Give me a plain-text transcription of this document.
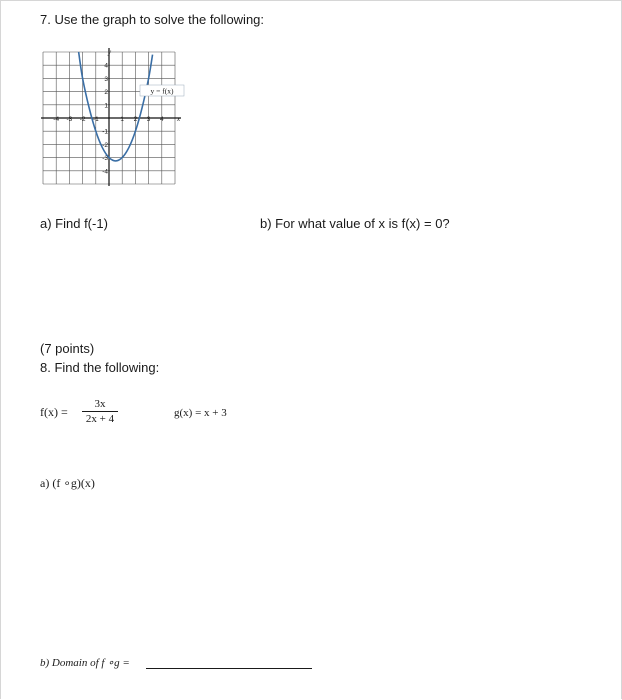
7. Use the graph to solve the following:
-4 -3 -2 -1	1 2 3 4
4
3
2
1
-1
-2
-3
-4
y = f(x)
x
y
a) Find f(-1)	b) For what value of x is f(x) = 0?
(7 points)
8. Find the following:
$f(x) = \frac{3x}{2x + 4}$	g(x) = x + 3
a) (f ∘g)(x)
b) Domain of f ∘g =
